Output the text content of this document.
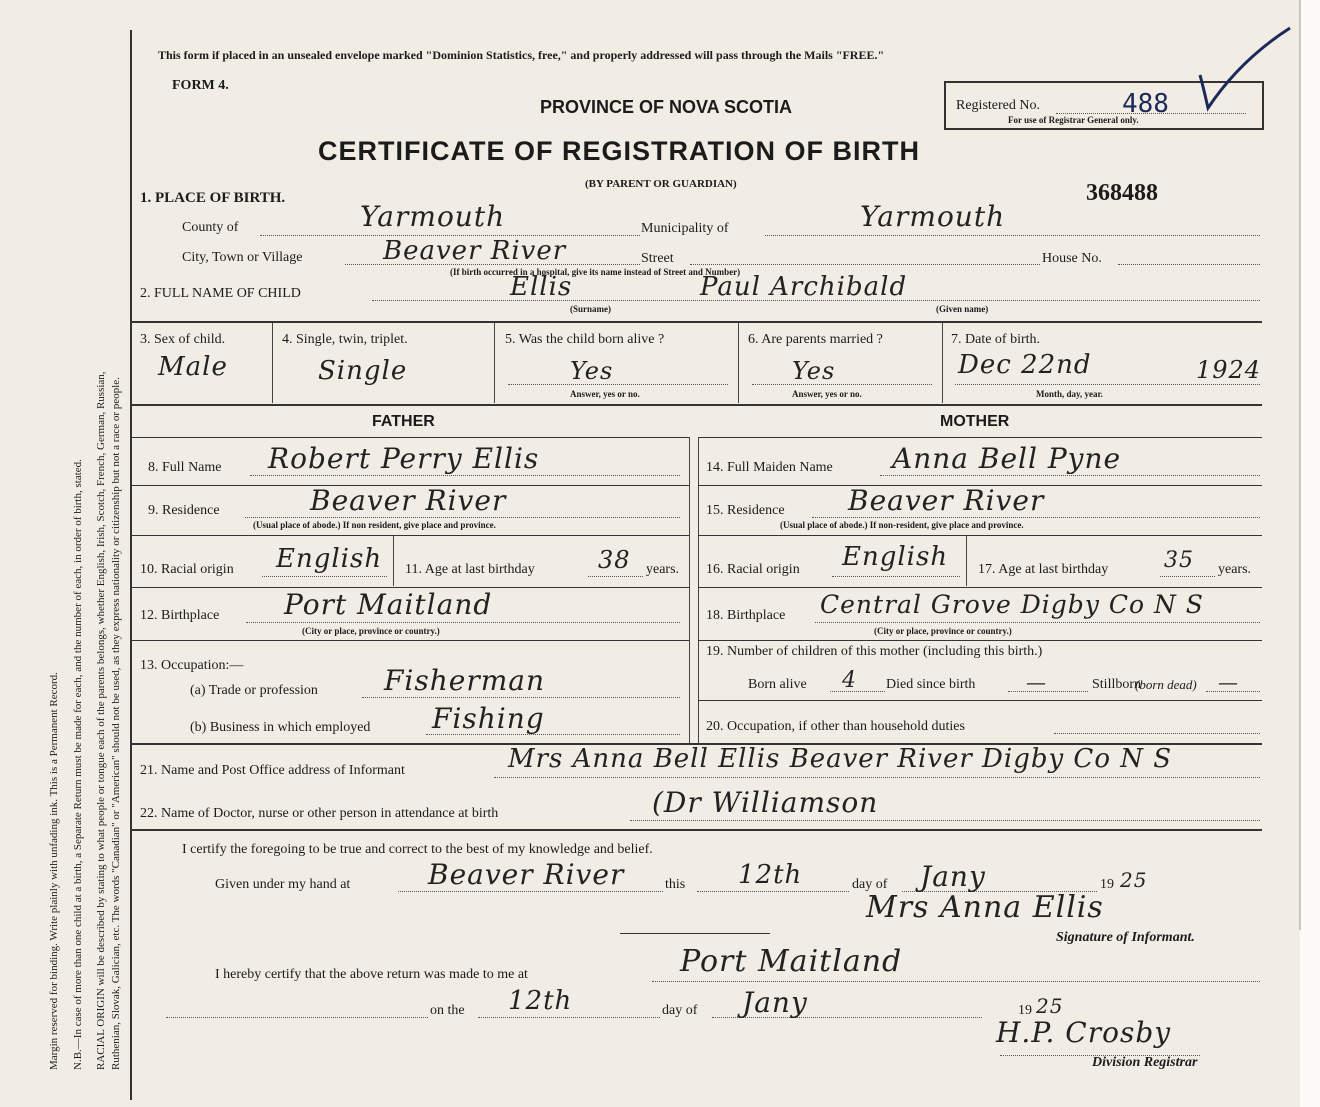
Margin reserved for binding. Write plainly with unfading ink. This is a Permanent Record. N.B.—In case of more than one child at a birth, a Separate Return must be made for each, and the number of each, in order of birth, stated. RACIAL ORIGIN will be described by stating to what people or tongue each of the parents belongs, whether English, Irish, Scotch, French, German, Russian, Ruthenian, Slovak, Galician, etc. The words "Canadian" or "American" should not be used, as they express nationality or citizenship but not a race or people.
This form if placed in an unsealed envelope marked "Dominion Statistics, free," and properly addressed will pass through the Mails "FREE."
FORM 4.
PROVINCE OF NOVA SCOTIA
CERTIFICATE OF REGISTRATION OF BIRTH
(BY PARENT OR GUARDIAN)
Registered No.	488
For use of Registrar General only.
368488
1. PLACE OF BIRTH.
County of	Yarmouth	Municipality of	Yarmouth
City, Town or Village	Beaver River	Street	House No.
(If birth occurred in a hospital, give its name instead of Street and Number)
2. FULL NAME OF CHILD	Ellis	Paul Archibald
(Surname)	(Given name)
3. Sex of child.
Male
4. Single, twin, triplet.
Single
5. Was the child born alive ?
Yes
Answer, yes or no.
6. Are parents married ?
Yes
Answer, yes or no.
7. Date of birth.
Dec 22nd	1924
Month, day, year.
FATHER	MOTHER
8. Full Name Robert Perry Ellis
9. Residence	Beaver River
(Usual place of abode.) If non resident, give place and province.
10. Racial origin English 11. Age at last birthday	38 years.
12. Birthplace Port Maitland
(City or place, province or country.)
13. Occupation:—
(a) Trade or profession Fisherman
(b) Business in which employed Fishing
14. Full Maiden Name Anna Bell Pyne
15. Residence Beaver River
(Usual place of abode.) If non-resident, give place and province.
16. Racial origin English 17. Age at last birthday	35 years.
18. Birthplace Central Grove Digby Co N S
(City or place, province or country.)
19. Number of children of this mother (including this birth.)
Born alive 4 Died since birth	—	Stillborn
(born dead) —
20. Occupation, if other than household duties
21. Name and Post Office address of Informant	Mrs Anna Bell Ellis Beaver River Digby Co N S
22. Name of Doctor, nurse or other person in attendance at birth	(Dr Williamson
I certify the foregoing to be true and correct to the best of my knowledge and belief.
Given under my hand at	Beaver River	this 12th	day of Jany	19 25
Mrs Anna Ellis
Signature of Informant.
I hereby certify that the above return was made to me at	Port Maitland
on the 12th	day of Jany	19 25
H.P. Crosby
Division Registrar
